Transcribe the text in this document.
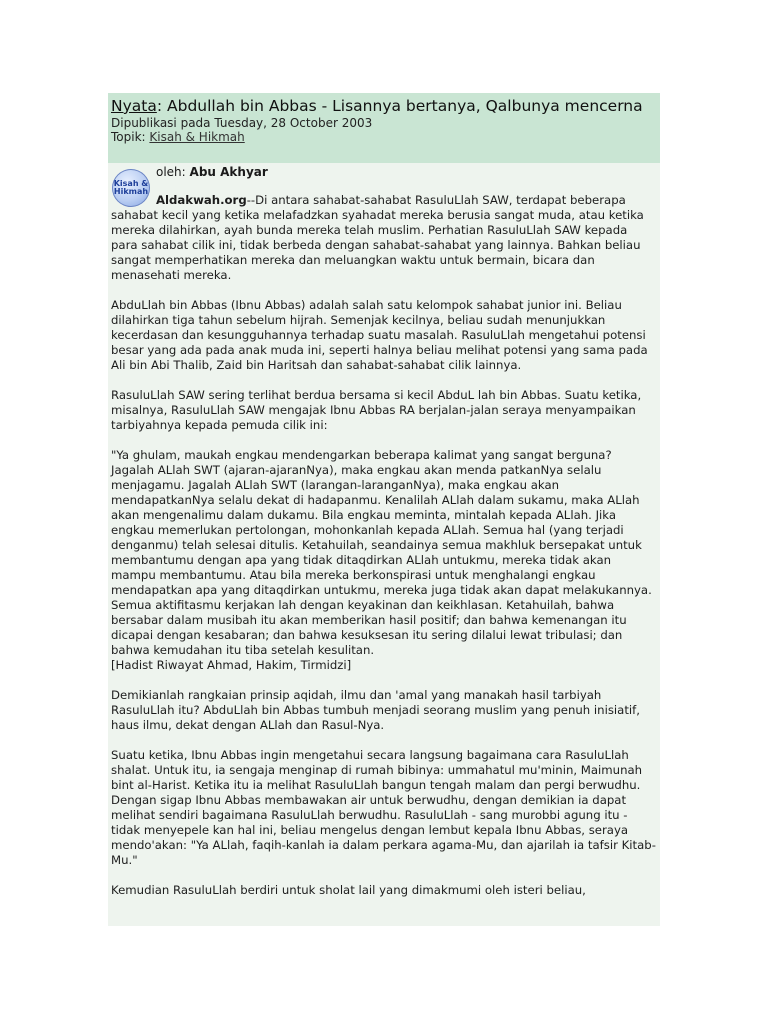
Nyata: Abdullah bin Abbas - Lisannya bertanya, Qalbunya mencerna
Dipublikasi pada Tuesday, 28 October 2003
Topik: Kisah & Hikmah
Kisah &
Hikmah
oleh: Abu Akhyar

Aldakwah.org--Di antara sahabat-sahabat RasuluLlah SAW, terdapat beberapa sahabat kecil yang ketika melafadzkan syahadat mereka berusia sangat muda, atau ketika mereka dilahirkan, ayah bunda mereka telah muslim. Perhatian RasuluLlah SAW kepada para sahabat cilik ini, tidak berbeda dengan sahabat-sahabat yang lainnya. Bahkan beliau sangat memperhatikan mereka dan meluangkan waktu untuk bermain, bicara dan menasehati mereka.

AbduLlah bin Abbas (Ibnu Abbas) adalah salah satu kelompok sahabat junior ini. Beliau dilahirkan tiga tahun sebelum hijrah. Semenjak kecilnya, beliau sudah menunjukkan kecerdasan dan kesungguhannya terhadap suatu masalah. RasuluLlah mengetahui potensi besar yang ada pada anak muda ini, seperti halnya beliau melihat potensi yang sama pada Ali bin Abi Thalib, Zaid bin Haritsah dan sahabat-sahabat cilik lainnya.

RasuluLlah SAW sering terlihat berdua bersama si kecil AbduL lah bin Abbas. Suatu ketika, misalnya, RasuluLlah SAW mengajak Ibnu Abbas RA berjalan-jalan seraya menyampaikan tarbiyahnya kepada pemuda cilik ini:

"Ya ghulam, maukah engkau mendengarkan beberapa kalimat yang sangat berguna? Jagalah ALlah SWT (ajaran-ajaranNya), maka engkau akan menda patkanNya selalu menjagamu. Jagalah ALlah SWT (larangan-laranganNya), maka engkau akan mendapatkanNya selalu dekat di hadapanmu. Kenalilah ALlah dalam sukamu, maka ALlah akan mengenalimu dalam dukamu. Bila engkau meminta, mintalah kepada ALlah. Jika engkau memerlukan pertolongan, mohonkanlah kepada ALlah. Semua hal (yang terjadi denganmu) telah selesai ditulis. Ketahuilah, seandainya semua makhluk bersepakat untuk membantumu dengan apa yang tidak ditaqdirkan ALlah untukmu, mereka tidak akan mampu membantumu. Atau bila mereka berkonspirasi untuk menghalangi engkau mendapatkan apa yang ditaqdirkan untukmu, mereka juga tidak akan dapat melakukannya. Semua aktifitasmu kerjakan lah dengan keyakinan dan keikhlasan. Ketahuilah, bahwa bersabar dalam musibah itu akan memberikan hasil positif; dan bahwa kemenangan itu dicapai dengan kesabaran; dan bahwa kesuksesan itu sering dilalui lewat tribulasi; dan bahwa kemudahan itu tiba setelah kesulitan.

[Hadist Riwayat Ahmad, Hakim, Tirmidzi]

Demikianlah rangkaian prinsip aqidah, ilmu dan 'amal yang manakah hasil tarbiyah RasuluLlah itu? AbduLlah bin Abbas tumbuh menjadi seorang muslim yang penuh inisiatif, haus ilmu, dekat dengan ALlah dan Rasul-Nya.

Suatu ketika, Ibnu Abbas ingin mengetahui secara langsung bagaimana cara RasuluLlah shalat. Untuk itu, ia sengaja menginap di rumah bibinya: ummahatul mu'minin, Maimunah bint al-Harist. Ketika itu ia melihat RasuluLlah bangun tengah malam dan pergi berwudhu. Dengan sigap Ibnu Abbas membawakan air untuk berwudhu, dengan demikian ia dapat melihat sendiri bagaimana RasuluLlah berwudhu. RasuluLlah - sang murobbi agung itu - tidak menyepele kan hal ini, beliau mengelus dengan lembut kepala Ibnu Abbas, seraya mendo'akan: "Ya ALlah, faqih-kanlah ia dalam perkara agama-Mu, dan ajarilah ia tafsir Kitab-Mu."

Kemudian RasuluLlah berdiri untuk sholat lail yang dimakmumi oleh isteri beliau,
